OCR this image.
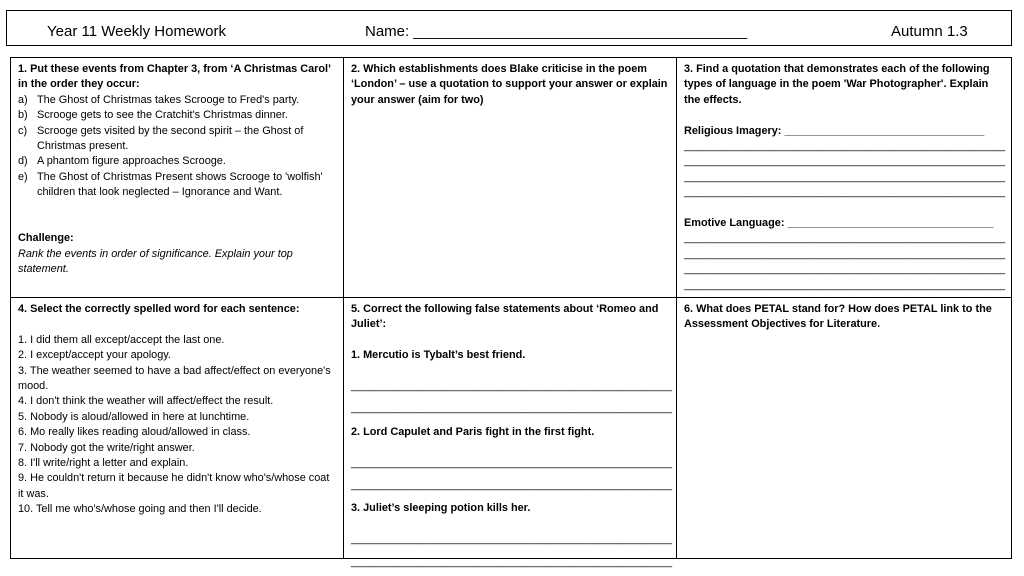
Year 11 Weekly Homework	Name: ________________________________________	Autumn 1.3

1. Put these events from Chapter 3, from ‘A Christmas Carol’ in the order they occur:

a) The Ghost of Christmas takes Scrooge to Fred's party.
b) Scrooge gets to see the Cratchit's Christmas dinner.
c) Scrooge gets visited by the second spirit – the Ghost of Christmas present.
d) A phantom figure approaches Scrooge.
e) The Ghost of Christmas Present shows Scrooge to 'wolfish' children that look neglected – Ignorance and Want.

Challenge:

Rank the events in order of significance. Explain your top statement.

2. Which establishments does Blake criticise in the poem ‘London’ – use a quotation to support your answer or explain your answer (aim for two)

3. Find a quotation that demonstrates each of the following types of language in the poem 'War Photographer'. Explain the effects.

Religious Imagery: _________________________________

_____________________________________________________

_____________________________________________________

_____________________________________________________

_____________________________________________________

Emotive Language: __________________________________

_____________________________________________________

_____________________________________________________

_____________________________________________________

_____________________________________________________

4. Select the correctly spelled word for each sentence:

1. I did them all except/accept the last one.

2. I except/accept your apology.

3. The weather seemed to have a bad affect/effect on everyone's mood.

4. I don't think the weather will affect/effect the result.

5. Nobody is aloud/allowed in here at lunchtime.

6. Mo really likes reading aloud/allowed in class.

7. Nobody got the write/right answer.

8. I'll write/right a letter and explain.

9. He couldn't return it because he didn't know who's/whose coat it was.

10. Tell me who's/whose going and then I'll decide.

5. Correct the following false statements about ‘Romeo and Juliet’:

1. Mercutio is Tybalt’s best friend.

_____________________________________________________

_____________________________________________________

2. Lord Capulet and Paris fight in the first fight.

_____________________________________________________

_____________________________________________________

3. Juliet’s sleeping potion kills her.

_____________________________________________________

_____________________________________________________

6. What does PETAL stand for? How does PETAL link to the Assessment Objectives for Literature.
